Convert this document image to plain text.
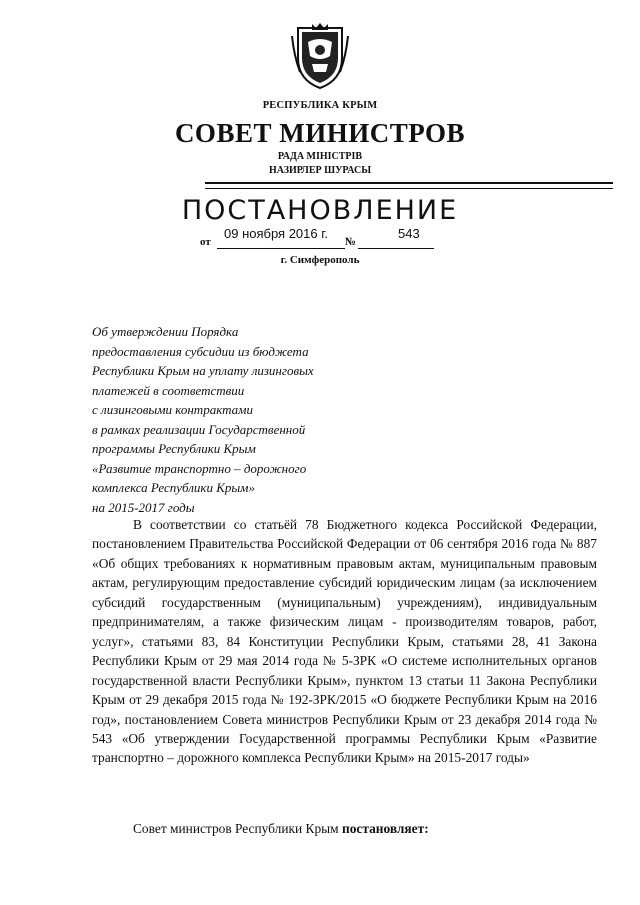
РЕСПУБЛИКА КРЫМ
СОВЕТ МИНИСТРОВ
РАДА МІНІСТРІВ
НАЗИРЛЕР ШУРАСЫ
ПОСТАНОВЛЕНИЕ
от
09 ноября 2016 г.
№
543
г. Симферополь
Об утверждении Порядка
предоставления субсидии из бюджета
Республики Крым на уплату лизинговых
платежей в соответствии
с лизинговыми контрактами
в рамках реализации Государственной
программы Республики Крым
«Развитие транспортно – дорожного
комплекса Республики Крым»
на 2015-2017 годы
В соответствии со статьёй 78 Бюджетного кодекса Российской Федерации, постановлением Правительства Российской Федерации от 06 сентября 2016 года № 887 «Об общих требованиях к нормативным правовым актам, муниципальным правовым актам, регулирующим предоставление субсидий юридическим лицам (за исключением субсидий государственным (муниципальным) учреждениям), индивидуальным предпринимателям, а также физическим лицам - производителям товаров, работ, услуг», статьями 83, 84 Конституции Республики Крым, статьями 28, 41 Закона Республики Крым от 29 мая 2014 года № 5-ЗРК «О системе исполнительных органов государственной власти Республики Крым», пунктом 13 статьи 11 Закона Республики Крым от 29 декабря 2015 года № 192-ЗРК/2015 «О бюджете Республики Крым на 2016 год», постановлением Совета министров Республики Крым от 23 декабря 2014 года № 543 «Об утверждении Государственной программы Республики Крым «Развитие транспортно – дорожного комплекса Республики Крым» на 2015-2017 годы»
Совет министров Республики Крым постановляет:
